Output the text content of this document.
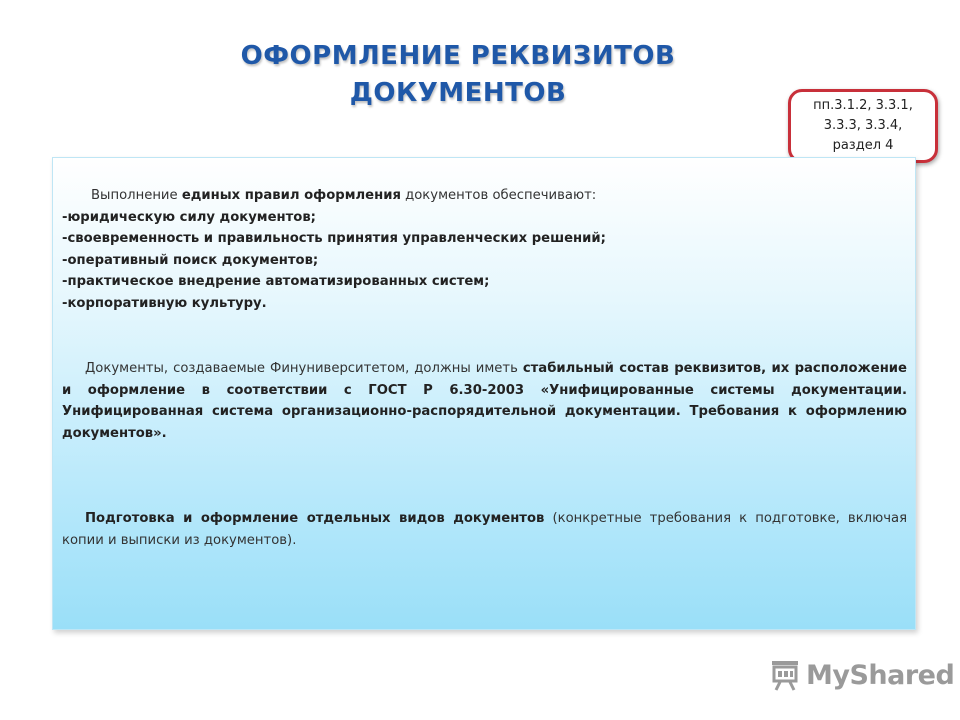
ОФОРМЛЕНИЕ РЕКВИЗИТОВ
ДОКУМЕНТОВ	пп.3.1.2, 3.3.1,
3.3.3, 3.3.4,
раздел 4
Выполнение единых правил оформления документов обеспечивают:
-юридическую силу документов;
-своевременность и правильность принятия управленческих решений;
-оперативный поиск документов;
-практическое внедрение автоматизированных систем;
-корпоративную культуру.
Документы, создаваемые Финуниверситетом, должны иметь стабильный состав реквизитов, их расположение и оформление в соответствии с ГОСТ Р 6.30-2003 «Унифицированные системы документации. Унифицированная система организационно-распорядительной документации. Требования к оформлению документов».
Подготовка и оформление отдельных видов документов (конкретные требования к подготовке, включая копии и выписки из документов).
MyShared
